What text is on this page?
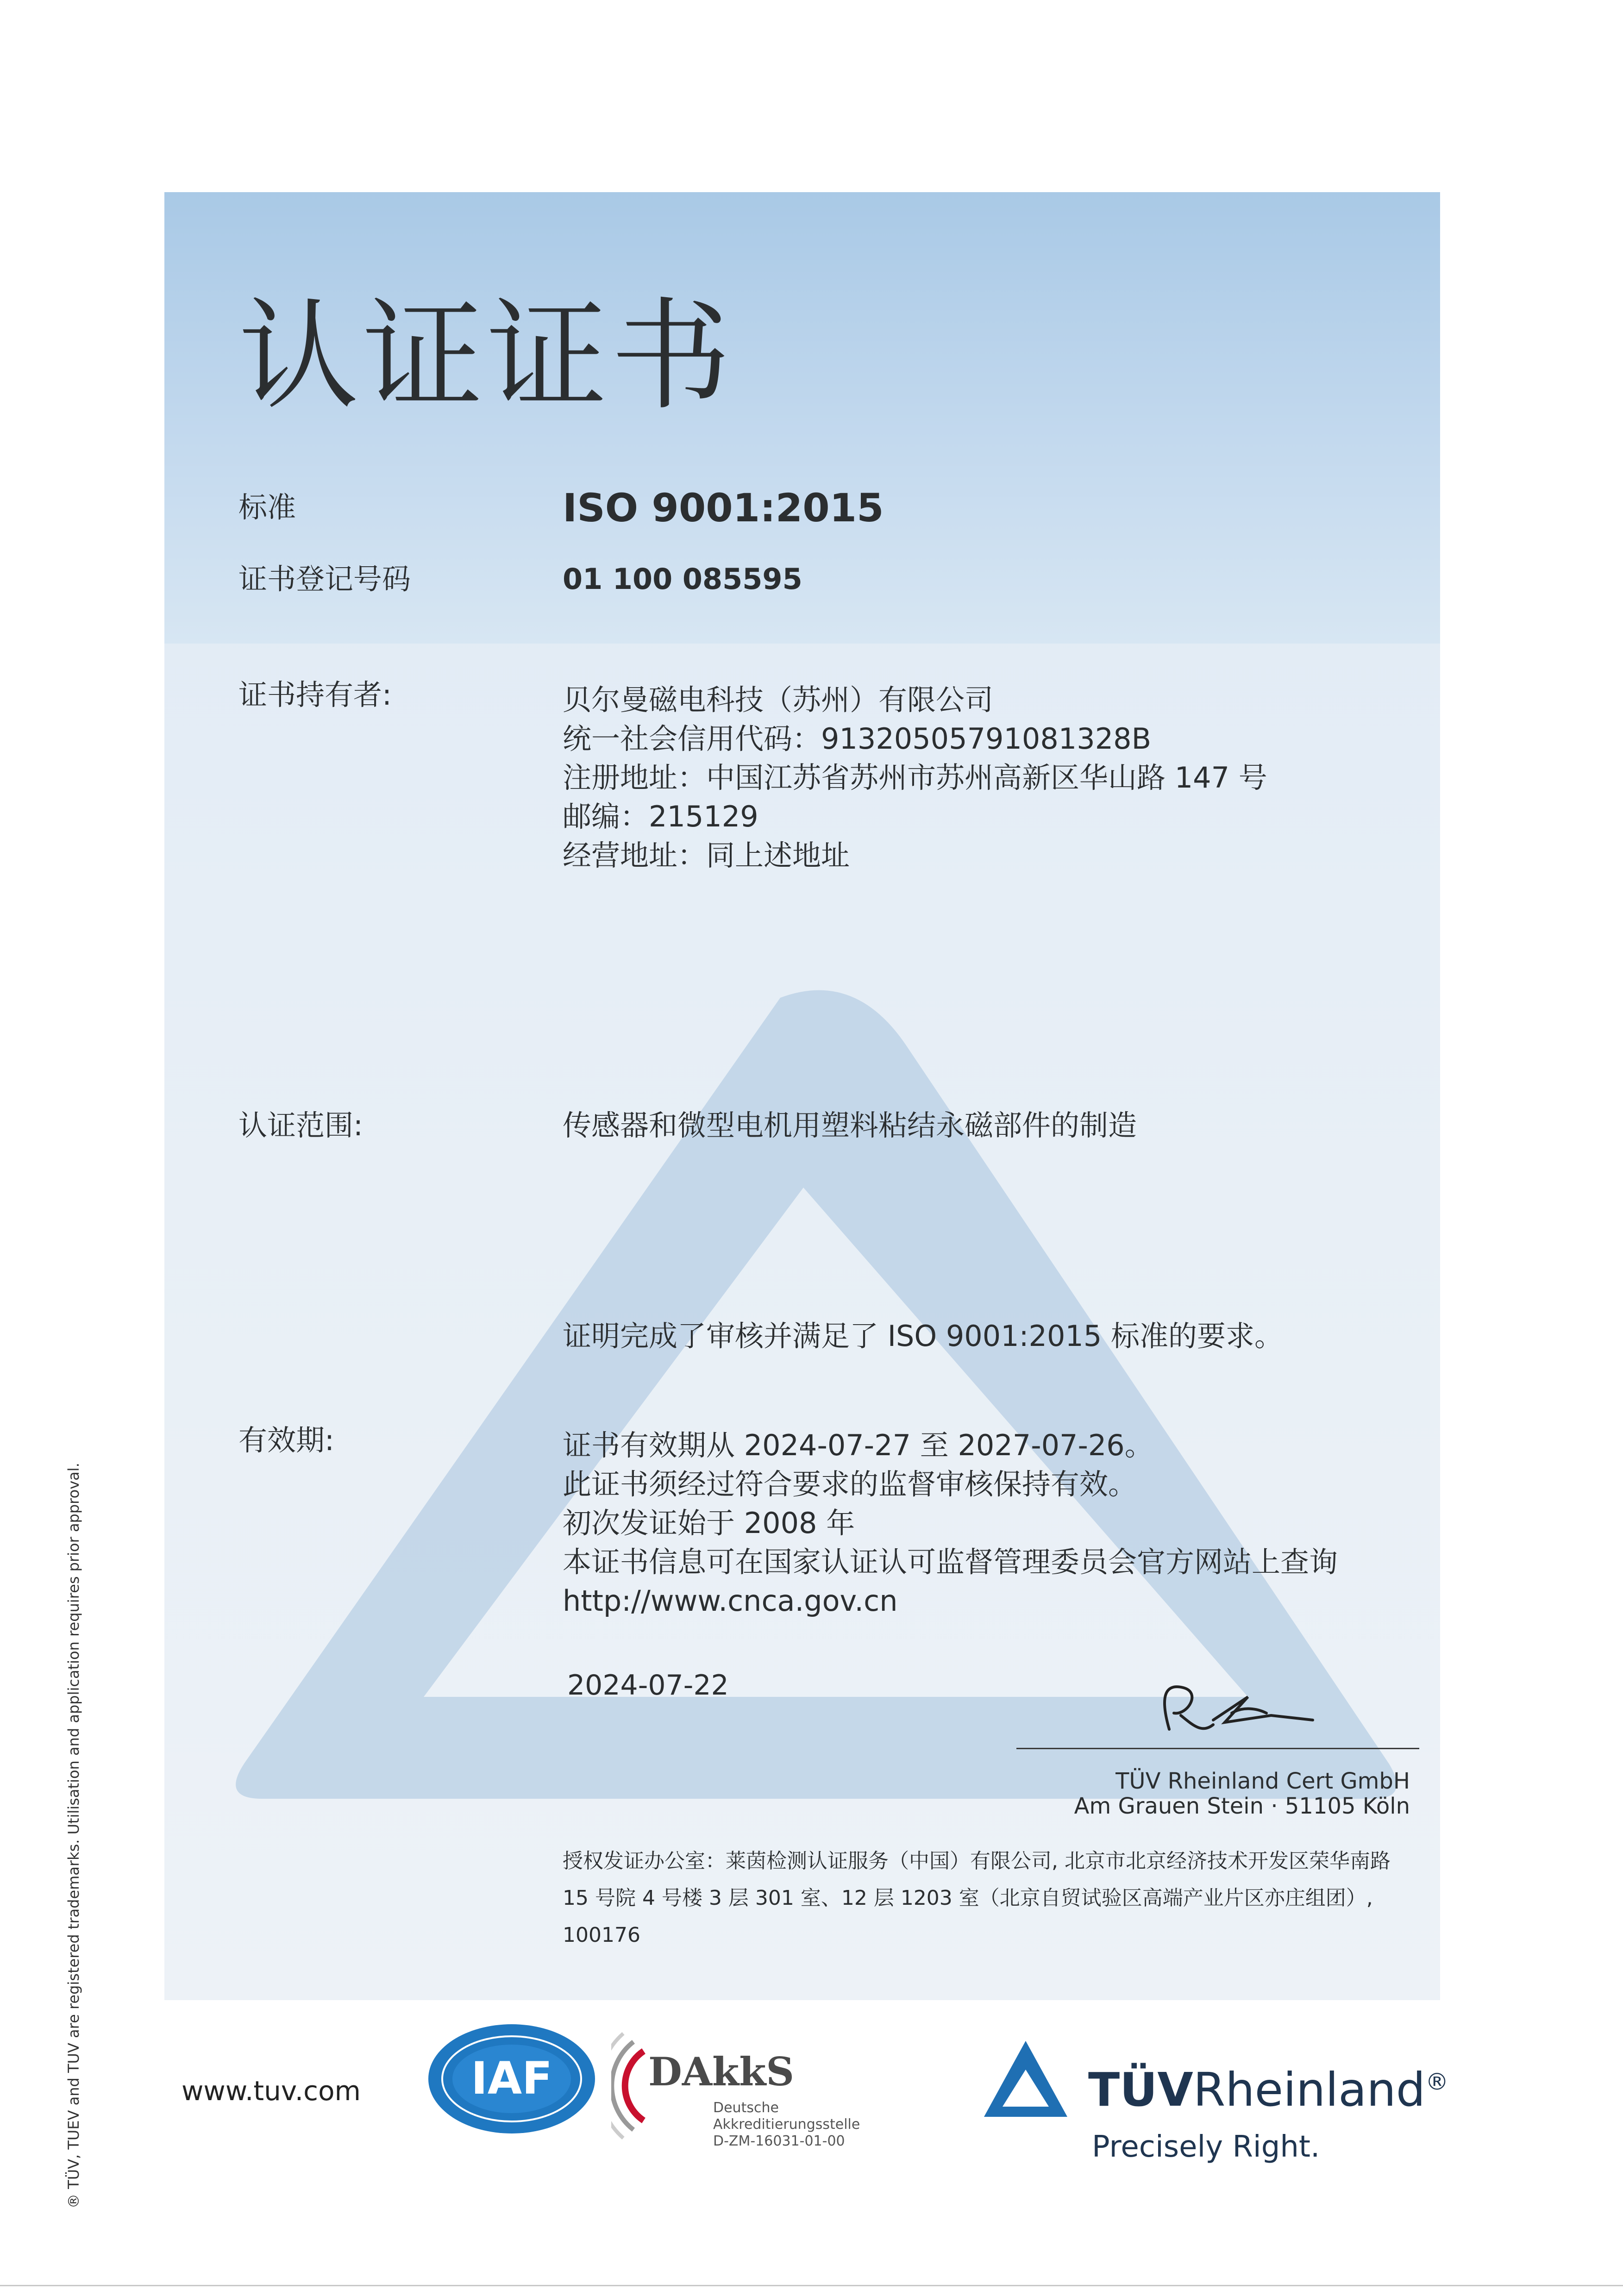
认证证书
标准	ISO 9001:2015
证书登记号码	01 100 085595
证书持有者:	贝尔曼磁电科技（苏州）有限公司
统一社会信用代码：9132050579108132​8B
注册地址：中国江苏省苏州市苏州高新区华山路 147 号
邮编：215129
经营地址：同上述地址
认证范围:	传感器和微型电机用塑料粘结永磁部件的制造
证明完成了审核并满足了 ISO 9001:2015 标准的要求。
有效期:	证书有效期从 2024-07-27 至 2027-07-26。
此证书须经过符合要求的监督审核保持有效。
初次发证始于 2008 年
本证书信息可在国家认证认可监督管理委员会官方网站上查询
http://www.cnca.gov.cn
2024-07-22
TÜV Rheinland Cert GmbH
Am Grauen Stein · 51105 Köln
授权发证办公室：莱茵检测认证服务（中国）有限公司, 北京市北京经济技术开发区荣华南路
15 号院 4 号楼 3 层 301 室、12 层 1203 室（北京自贸试验区高端产业片区亦庄组团）,
100176
® TÜV, TUEV and TUV are registered trademarks. Utilisation and application requires prior approval.	www.tuv.com IAF DAkkS
Deutsche
Akkreditierungsstelle
D-ZM-16031-01-00
TÜVRheinland®
Precisely Right.
